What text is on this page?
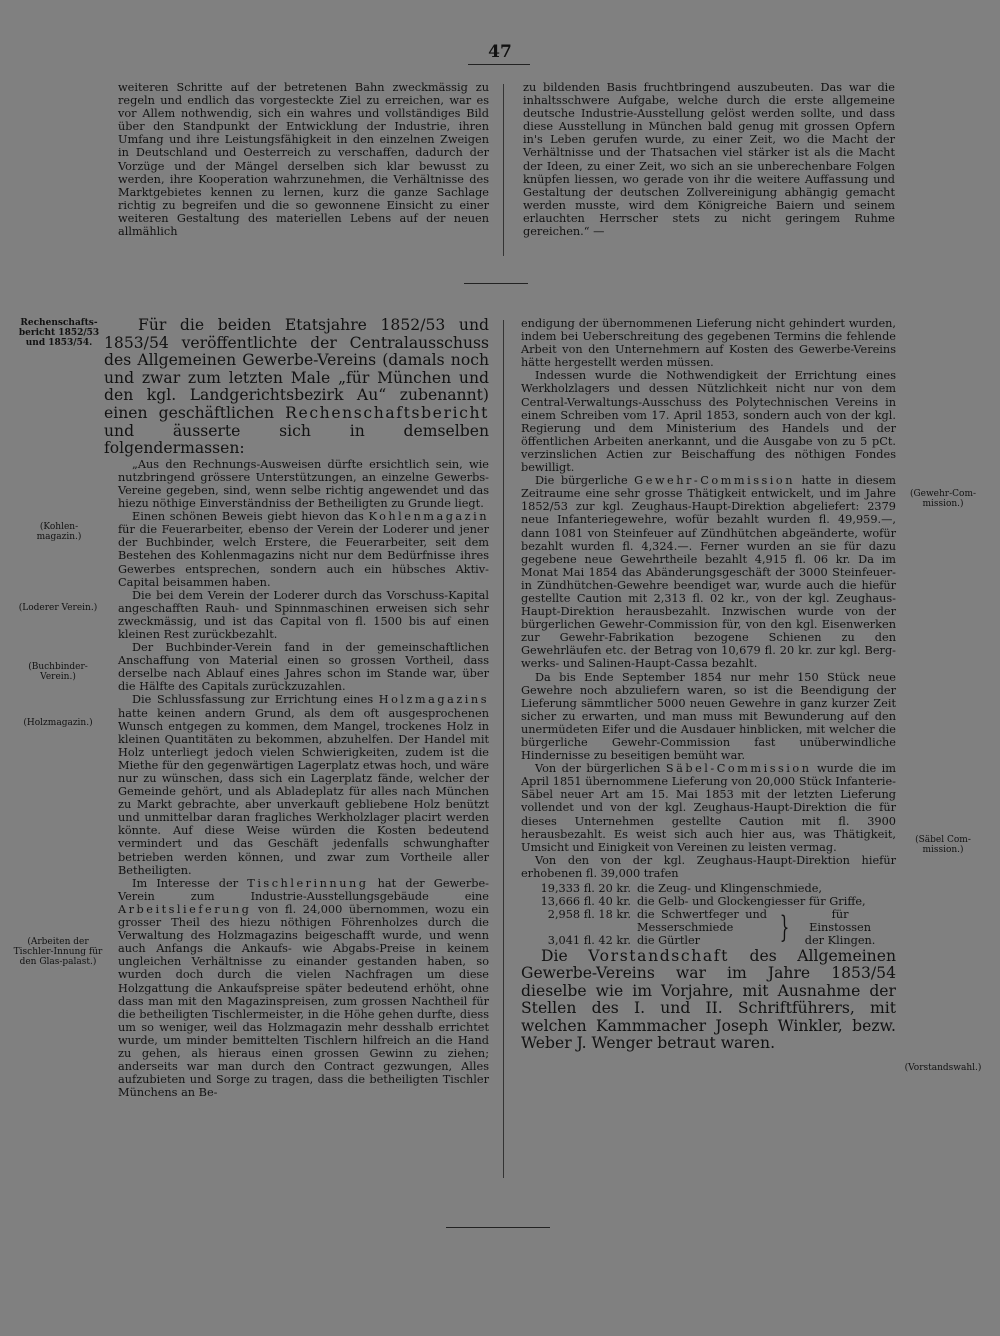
47

weiteren Schritte auf der betretenen Bahn zweckmässig zu regeln und endlich das vorgesteckte Ziel zu erreichen, war es vor Allem nothwendig, sich ein wahres und vollständiges Bild über den Standpunkt der Entwicklung der Industrie, ihren Umfang und ihre Leistungsfähigkeit in den einzelnen Zweigen in Deutschland und Oesterreich zu verschaffen, dadurch der Vorzüge und der Mängel derselben sich klar bewusst zu werden, ihre Kooperation wahrzunehmen, die Verhältnisse des Marktgebietes kennen zu lernen, kurz die ganze Sachlage richtig zu begreifen und die so gewonnene Einsicht zu einer weiteren Gestaltung des materiellen Lebens auf der neuen allmählich

zu bildenden Basis fruchtbringend auszubeuten. Das war die inhaltsschwere Aufgabe, welche durch die erste allgemeine deutsche Industrie-Ausstellung gelöst werden sollte, und dass diese Ausstellung in München bald genug mit grossen Opfern in's Leben gerufen wurde, zu einer Zeit, wo die Macht der Verhältnisse und der Thatsachen viel stärker ist als die Macht der Ideen, zu einer Zeit, wo sich an sie unberechenbare Folgen knüpfen liessen, wo gerade von ihr die weitere Auffassung und Gestaltung der deutschen Zollvereinigung abhängig gemacht werden musste, wird dem Königreiche Baiern und seinem erlauchten Herrscher stets zu nicht geringem Ruhme gereichen.“ —

Rechenschafts-bericht 1852/53 und 1853/54.
(Kohlen-magazin.)
(Loderer Verein.)
(Buchbinder-Verein.)
(Holzmagazin.)
(Arbeiten der Tischler-Innung für den Glas-palast.)

Für die beiden Etatsjahre 1852/53 und 1853/54 veröffentlichte der Centralausschuss des Allgemeinen Gewerbe-Vereins (damals noch und zwar zum letzten Male „für München und den kgl. Landgerichtsbezirk Au“ zubenannt) einen geschäftlichen Rechenschaftsbericht und äusserte sich in demselben folgendermassen:

„Aus den Rechnungs-Ausweisen dürfte ersichtlich sein, wie nutzbringend grössere Unterstützungen, an einzelne Gewerbs-Vereine gegeben, sind, wenn selbe richtig angewendet und das hiezu nöthige Einverständniss der Betheiligten zu Grunde liegt.

Einen schönen Beweis giebt hievon das Kohlenmagazin für die Feuerarbeiter, ebenso der Verein der Loderer und jener der Buchbinder, welch Erstere, die Feuerarbeiter, seit dem Bestehen des Kohlenmagazins nicht nur dem Bedürfnisse ihres Gewerbes entsprechen, sondern auch ein hübsches Aktiv-Capital beisammen haben.

Die bei dem Verein der Loderer durch das Vorschuss-Kapital angeschafften Rauh- und Spinnmaschinen erweisen sich sehr zweckmässig, und ist das Capital von fl. 1500 bis auf einen kleinen Rest zurückbezahlt.

Der Buchbinder-Verein fand in der gemeinschaftlichen Anschaffung von Material einen so grossen Vortheil, dass derselbe nach Ablauf eines Jahres schon im Stande war, über die Hälfte des Capitals zurückzuzahlen.

Die Schlussfassung zur Errichtung eines Holzmagazins hatte keinen andern Grund, als dem oft ausgesprochenen Wunsch entgegen zu kommen, dem Mangel, trockenes Holz in kleinen Quantitäten zu bekommen, abzuhelfen. Der Handel mit Holz unterliegt jedoch vielen Schwierigkeiten, zudem ist die Miethe für den gegenwärtigen Lagerplatz etwas hoch, und wäre nur zu wünschen, dass sich ein Lagerplatz fände, welcher der Gemeinde gehört, und als Abladeplatz für alles nach München zu Markt gebrachte, aber unverkauft gebliebene Holz benützt und unmittelbar daran fragliches Werkholzlager placirt werden könnte. Auf diese Weise würden die Kosten bedeutend vermindert und das Geschäft jedenfalls schwunghafter betrieben werden können, und zwar zum Vortheile aller Betheiligten.

Im Interesse der Tischlerinnung hat der Gewerbe-Verein zum Industrie-Ausstellungsgebäude eine Arbeitslieferung von fl. 24,000 übernommen, wozu ein grosser Theil des hiezu nöthigen Föhrenholzes durch die Verwaltung des Holzmagazins beigeschafft wurde, und wenn auch Anfangs die Ankaufs- wie Abgabs-Preise in keinem ungleichen Verhältnisse zu einander gestanden haben, so wurden doch durch die vielen Nachfragen um diese Holzgattung die Ankaufspreise später bedeutend erhöht, ohne dass man mit den Magazinspreisen, zum grossen Nachtheil für die betheiligten Tischlermeister, in die Höhe gehen durfte, diess um so weniger, weil das Holzmagazin mehr desshalb errichtet wurde, um minder bemittelten Tischlern hilfreich an die Hand zu gehen, als hieraus einen grossen Gewinn zu ziehen; anderseits war man durch den Contract gezwungen, Alles aufzubieten und Sorge zu tragen, dass die betheiligten Tischler Münchens an Be-

endigung der übernommenen Lieferung nicht gehindert wurden, indem bei Ueberschreitung des gegebenen Termins die fehlende Arbeit von den Unternehmern auf Kosten des Gewerbe-Vereins hätte hergestellt werden müssen.

Indessen wurde die Nothwendigkeit der Errichtung eines Werkholzlagers und dessen Nützlichkeit nicht nur von dem Central-Verwaltungs-Ausschuss des Polytechnischen Vereins in einem Schreiben vom 17. April 1853, sondern auch von der kgl. Regierung und dem Ministerium des Handels und der öffentlichen Arbeiten anerkannt, und die Ausgabe von zu 5 pCt. verzinslichen Actien zur Beischaffung des nöthigen Fondes bewilligt.

Die bürgerliche Gewehr-Commission hatte in diesem Zeitraume eine sehr grosse Thätigkeit entwickelt, und im Jahre 1852/53 zur kgl. Zeughaus-Haupt-Direktion abgeliefert: 2379 neue Infanteriegewehre, wofür bezahlt wurden fl. 49,959.—, dann 1081 von Steinfeuer auf Zündhütchen abgeänderte, wofür bezahlt wurden fl. 4,324.—. Ferner wurden an sie für dazu gegebene neue Gewehrtheile bezahlt 4,915 fl. 06 kr. Da im Monat Mai 1854 das Abänderungsgeschäft der 3000 Steinfeuer- in Zündhütchen-Gewehre beendiget war, wurde auch die hiefür gestellte Caution mit 2,313 fl. 02 kr., von der kgl. Zeughaus-Haupt-Direktion herausbezahlt. Inzwischen wurde von der bürgerlichen Gewehr-Commission für, von den kgl. Eisenwerken zur Gewehr-Fabrikation bezogene Schienen zu den Gewehrläufen etc. der Betrag von 10,679 fl. 20 kr. zur kgl. Berg- werks- und Salinen-Haupt-Cassa bezahlt.

Da bis Ende September 1854 nur mehr 150 Stück neue Gewehre noch abzuliefern waren, so ist die Beendigung der Lieferung sämmtlicher 5000 neuen Gewehre in ganz kurzer Zeit sicher zu erwarten, und man muss mit Bewunderung auf den unermüdeten Eifer und die Ausdauer hinblicken, mit welcher die bürgerliche Gewehr-Commission fast unüberwindliche Hindernisse zu beseitigen bemüht war.

Von der bürgerlichen Säbel-Commission wurde die im April 1851 übernommene Lieferung von 20,000 Stück Infanterie-Säbel neuer Art am 15. Mai 1853 mit der letzten Lieferung vollendet und von der kgl. Zeughaus-Haupt-Direktion die für dieses Unternehmen gestellte Caution mit fl. 3900 herausbezahlt. Es weist sich auch hier aus, was Thätigkeit, Umsicht und Einigkeit von Vereinen zu leisten vermag.

Von den von der kgl. Zeughaus-Haupt-Direktion hiefür erhobenen fl. 39,000 trafen

19,333 fl. 20 kr. die Zeug- und Klingenschmiede,
13,666 fl. 40 kr. die Gelb- und Glockengiesser für Griffe,
2,958 fl. 18 kr. die Schwertfeger und Messerschmiede
3,041 fl. 42 kr. die Gürtler	}	für Einstossen der Klingen.

Die Vorstandschaft des Allgemeinen Gewerbe-Vereins war im Jahre 1853/54 dieselbe wie im Vorjahre, mit Ausnahme der Stellen des I. und II. Schriftführers, mit welchen Kammmacher Joseph Winkler, bezw. Weber J. Wenger betraut waren.

(Gewehr-Com-mission.)
(Säbel Com-mission.)
(Vorstandswahl.)
